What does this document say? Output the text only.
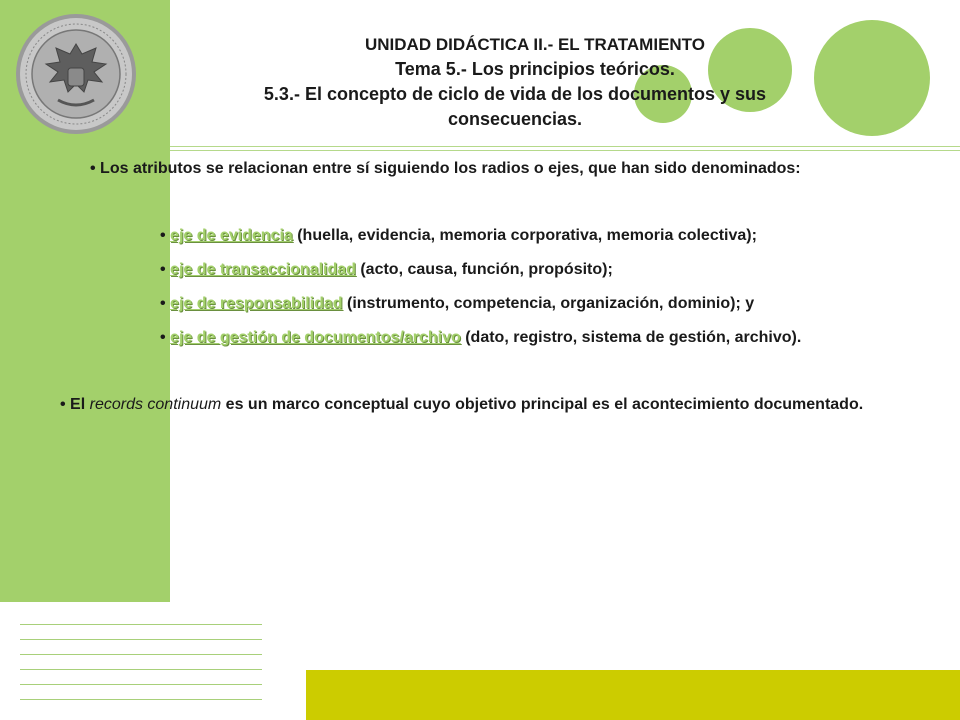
UNIDAD DIDÁCTICA II.- EL TRATAMIENTO
Tema 5.- Los principios teóricos.
5.3.- El concepto de ciclo de vida de los documentos y sus
consecuencias.
• Los atributos se relacionan entre sí siguiendo los radios o ejes, que han sido denominados:
• eje de evidencia (huella, evidencia, memoria corporativa, memoria colectiva);
• eje de transaccionalidad (acto, causa, función, propósito);
• eje de responsabilidad (instrumento, competencia, organización, dominio); y
• eje de gestión de documentos/archivo (dato, registro, sistema de gestión, archivo).
• El records continuum es un marco conceptual cuyo objetivo principal es el acontecimiento documentado.
